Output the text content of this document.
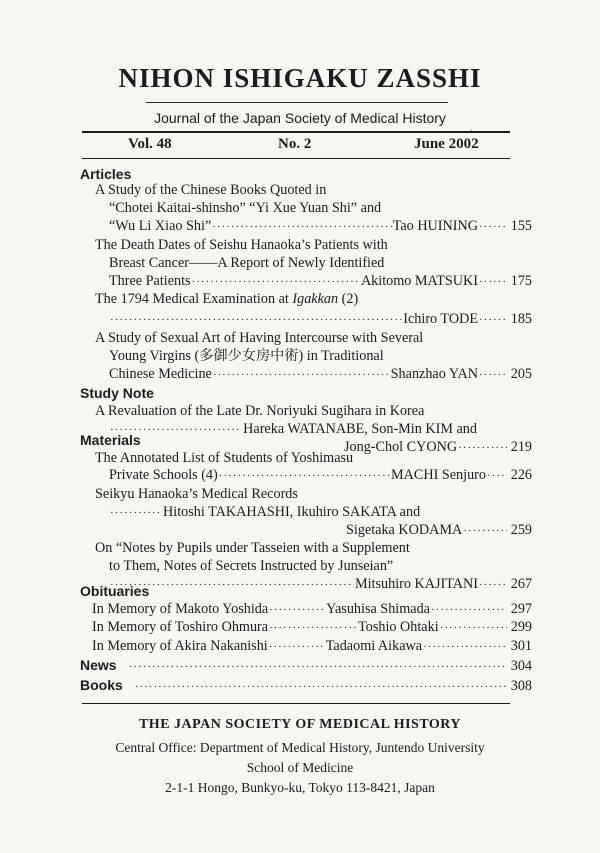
NIHON ISHIGAKU ZASSHI
Journal of the Japan Society of Medical History
‘
Vol. 48	No. 2	June 2002
Articles
A Study of the Chinese Books Quoted in
“Chotei Kaitai-shinsho” “Yi Xue Yuan Shi” and
“Wu Li Xiao Shi” ·····	Tao HUINING ····· 155
The Death Dates of Seishu Hanaoka’s Patients with
Breast Cancer——A Report of Newly Identified
Three Patients ·····	Akitomo MATSUKI ····· 175
The 1794 Medical Examination at Igakkan (2)
·····
Ichiro TODE ····· 185
A Study of Sexual Art of Having Intercourse with Several
Young Virgins (多御少女房中術) in Traditional
Chinese Medicine ·····	Shanzhao YAN ····· 205
Study Note
A Revaluation of the Late Dr. Noriyuki Sugihara in Korea
·····
Hareka WATANABE, Son-Min KIM and
Jong-Chol CYONG ·····	219
Materials
The Annotated List of Students of Yoshimasu
Private Schools (4) ·····	MACHI Senjuro ····· 226
Seikyu Hanaoka’s Medical Records
·····
Hitoshi TAKAHASHI, Ikuhiro SAKATA and
Sigetaka KODAMA ·····	259
On “Notes by Pupils under Tasseien with a Supplement
to Them, Notes of Secrets Instructed by Junseian”
·····
Mitsuhiro KAJITANI ····· 267
Obituaries
In Memory of Makoto Yoshida ·····	Yasuhisa Shimada ·····	297
In Memory of Toshiro Ohmura ·····	Toshio Ohtaki ·····	299
In Memory of Akira Nakanishi ·····	Tadaomi Aikawa ·····	301
News ·····	304
Books ·····	308
THE JAPAN SOCIETY OF MEDICAL HISTORY
Central Office: Department of Medical History, Juntendo University
School of Medicine
2-1-1 Hongo, Bunkyo-ku, Tokyo 113-8421, Japan
